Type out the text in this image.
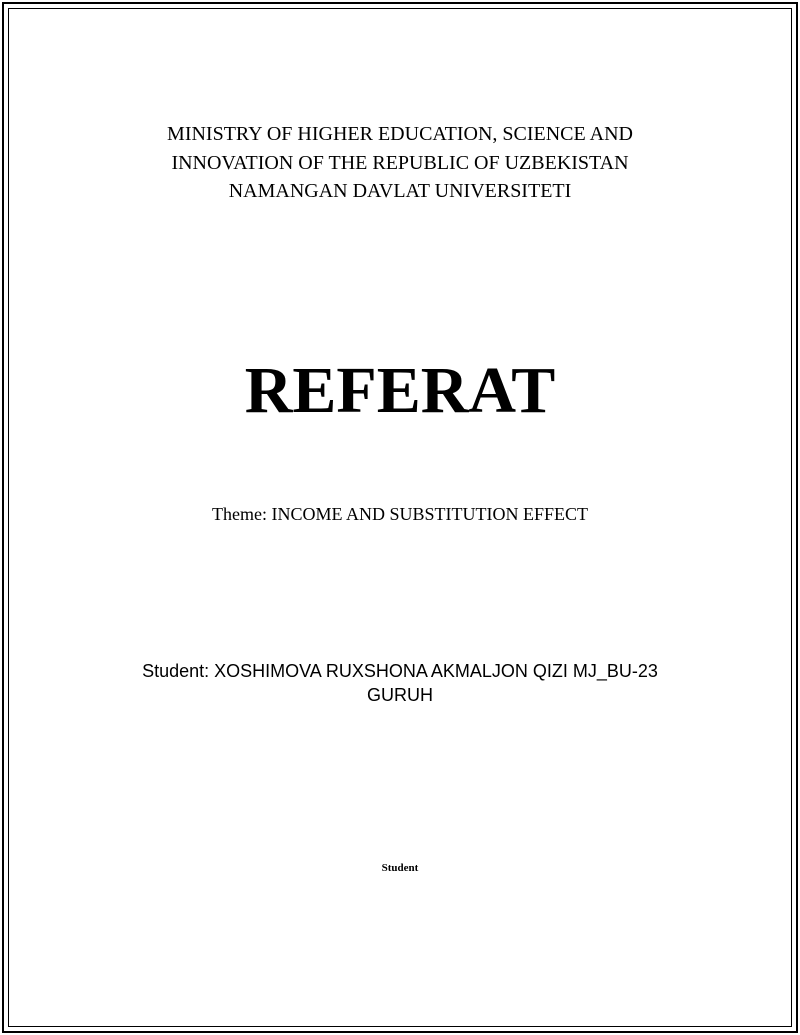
MINISTRY OF HIGHER EDUCATION, SCIENCE AND
INNOVATION OF THE REPUBLIC OF UZBEKISTAN
NAMANGAN DAVLAT UNIVERSITETI
REFERAT
Theme: INCOME AND SUBSTITUTION EFFECT
Student: XOSHIMOVA RUXSHONA AKMALJON QIZI MJ_BU-23
GURUH
Student
